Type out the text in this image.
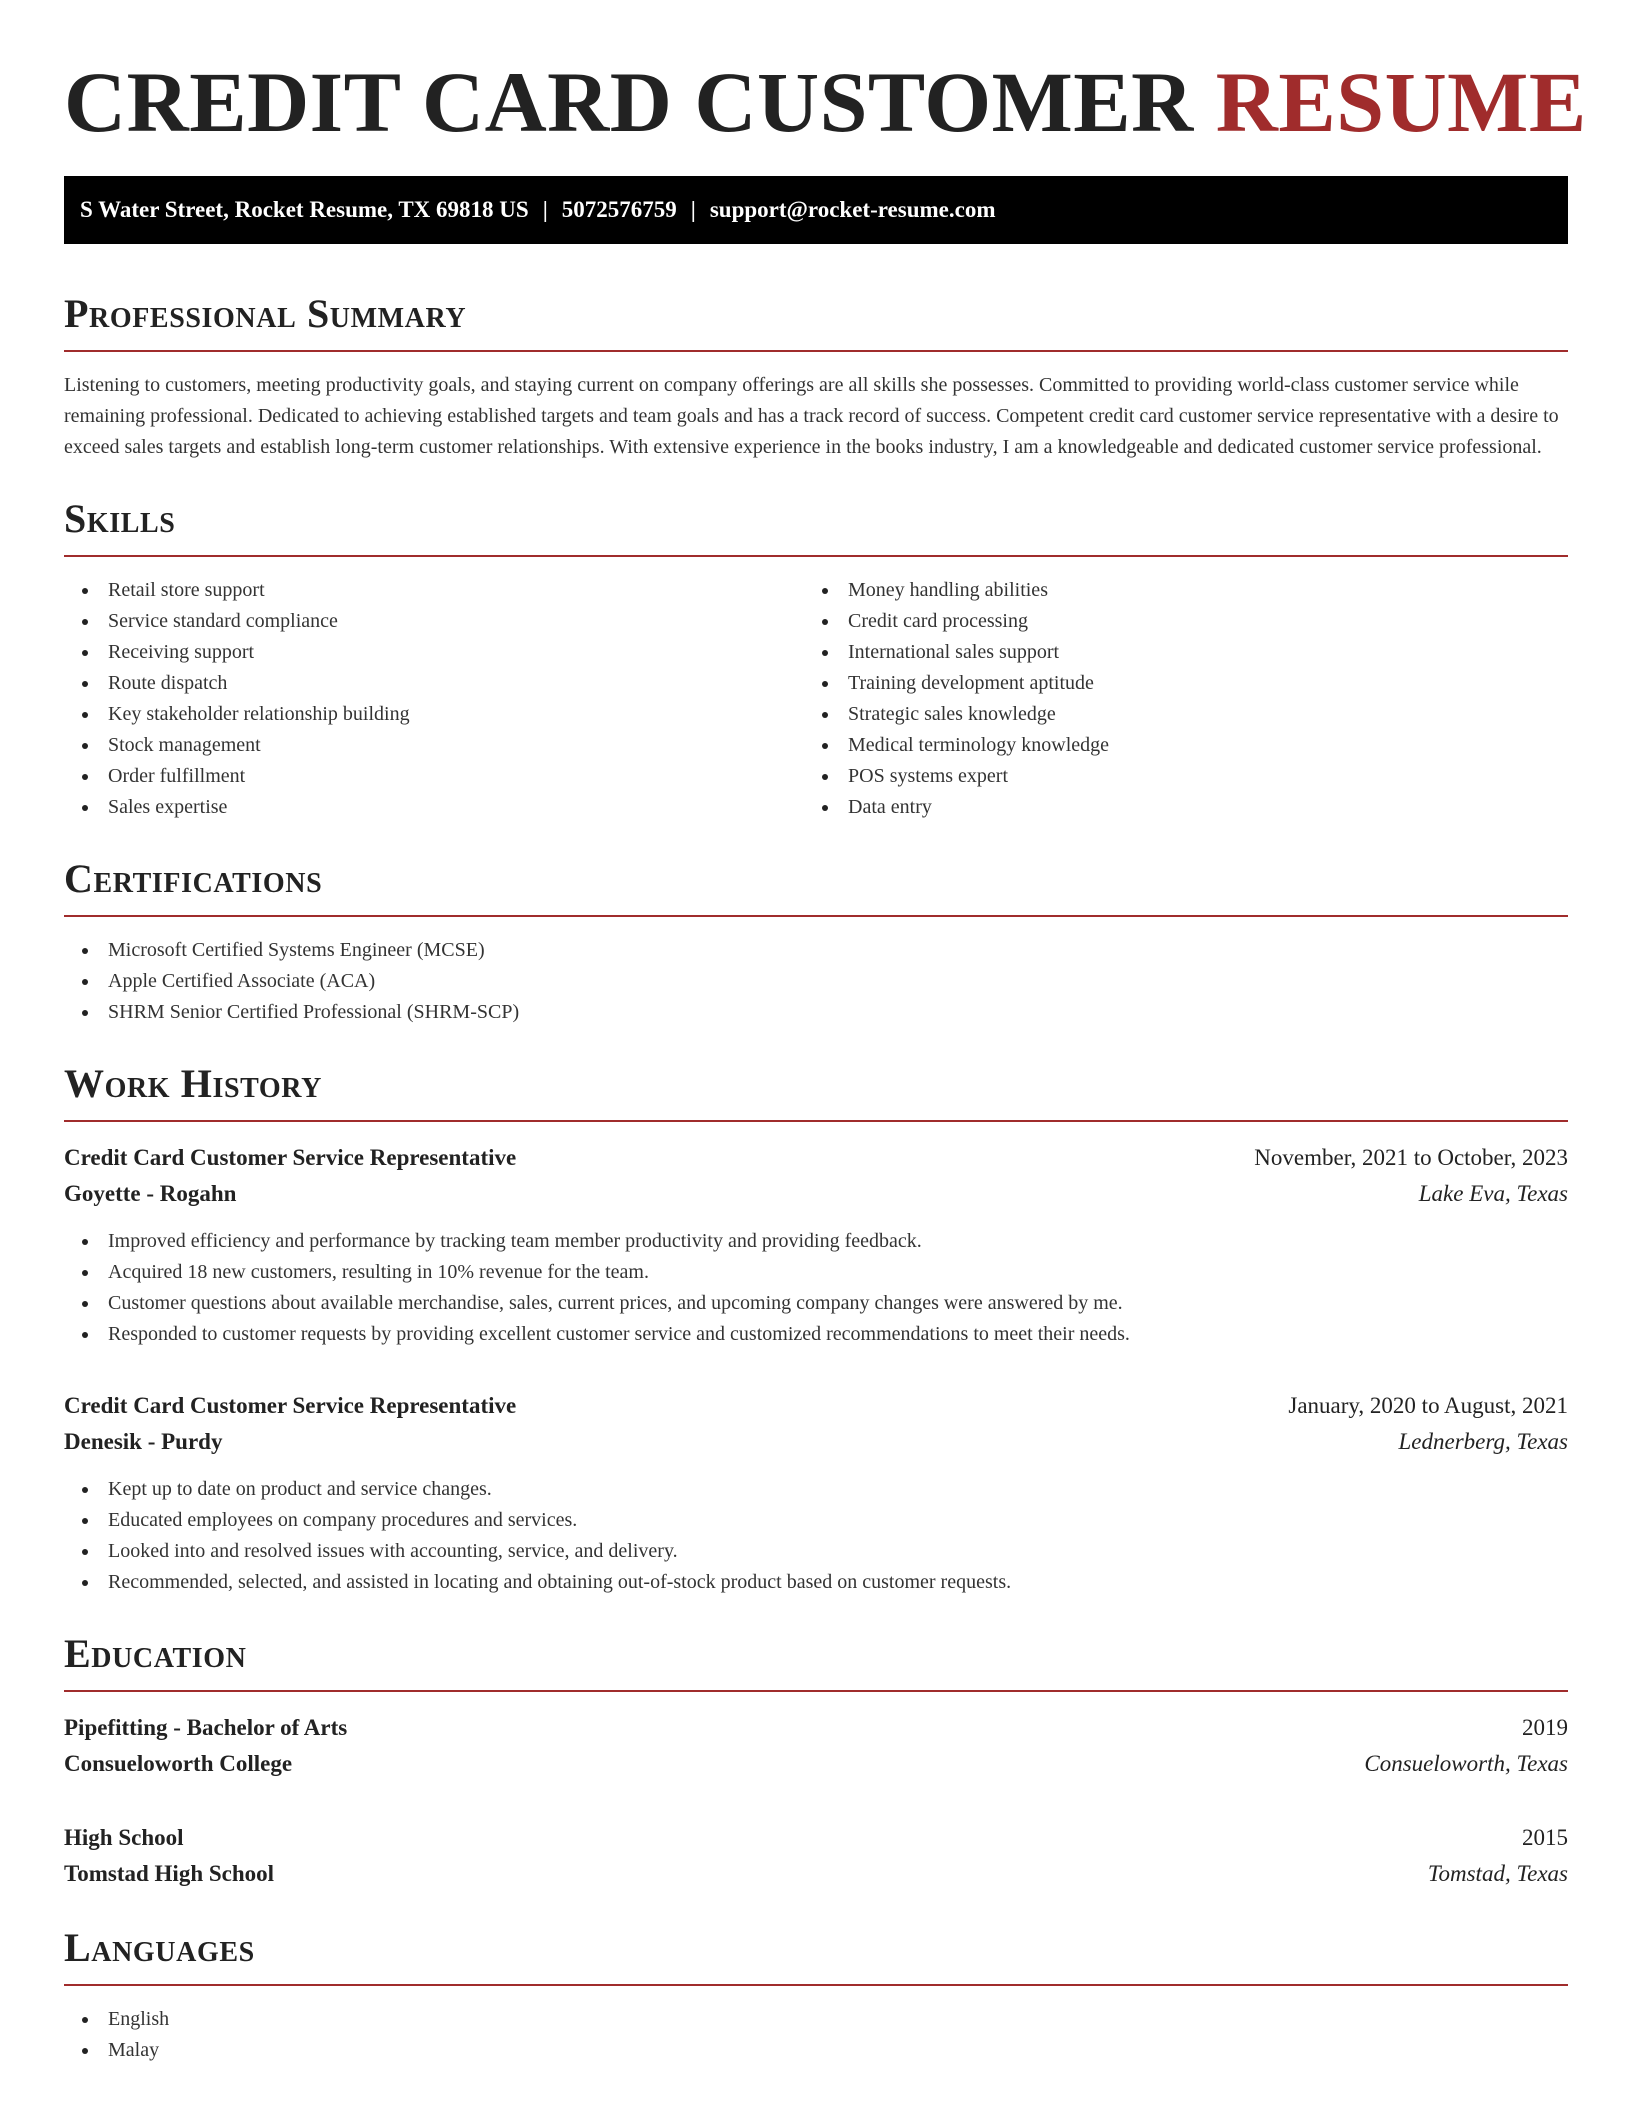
CREDIT CARD CUSTOMER RESUME
S Water Street, Rocket Resume, TX 69818 US | 5072576759 | support@rocket-resume.com
Professional Summary

Listening to customers, meeting productivity goals, and staying current on company offerings are all skills she possesses. Committed to providing world-class customer service while remaining professional. Dedicated to achieving established targets and team goals and has a track record of success. Competent credit card customer service representative with a desire to exceed sales targets and establish long-term customer relationships. With extensive experience in the books industry, I am a knowledgeable and dedicated customer service professional.

Skills
Retail store support
Service standard compliance
Receiving support
Route dispatch
Key stakeholder relationship building
Stock management
Order fulfillment
Sales expertise
Money handling abilities
Credit card processing
International sales support
Training development aptitude
Strategic sales knowledge
Medical terminology knowledge
POS systems expert
Data entry
Certifications
Microsoft Certified Systems Engineer (MCSE)
Apple Certified Associate (ACA)
SHRM Senior Certified Professional (SHRM-SCP)
Work History
Credit Card Customer Service Representative	November, 2021 to October, 2023
Goyette - Rogahn	Lake Eva, Texas
Improved efficiency and performance by tracking team member productivity and providing feedback.
Acquired 18 new customers, resulting in 10% revenue for the team.
Customer questions about available merchandise, sales, current prices, and upcoming company changes were answered by me.
Responded to customer requests by providing excellent customer service and customized recommendations to meet their needs.
Credit Card Customer Service Representative	January, 2020 to August, 2021
Denesik - Purdy	Lednerberg, Texas
Kept up to date on product and service changes.
Educated employees on company procedures and services.
Looked into and resolved issues with accounting, service, and delivery.
Recommended, selected, and assisted in locating and obtaining out-of-stock product based on customer requests.
Education
Pipefitting - Bachelor of Arts	2019
Consueloworth College	Consueloworth, Texas
High School	2015
Tomstad High School	Tomstad, Texas
Languages
English
Malay
